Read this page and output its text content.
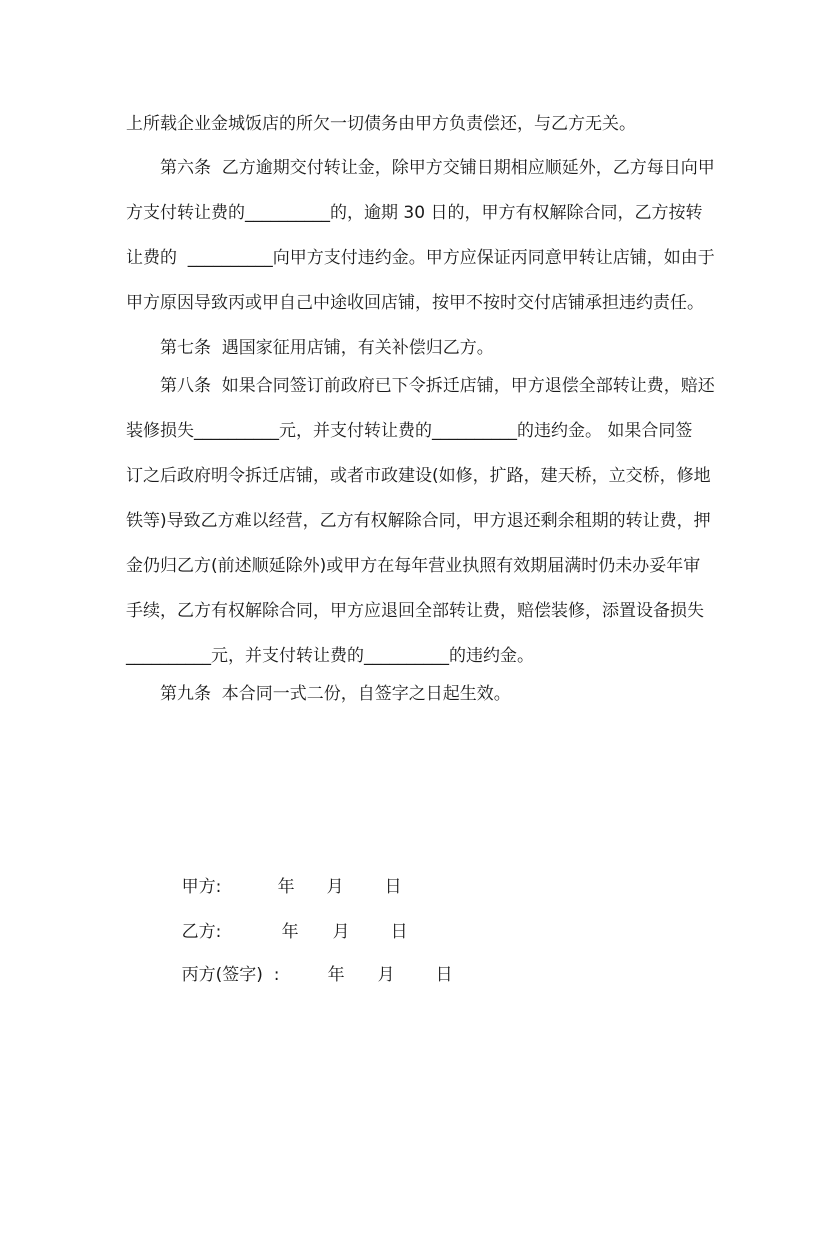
上所载企业金城饭店的所欠一切债务由甲方负责偿还，与乙方无关。
第六条  乙方逾期交付转让金，除甲方交铺日期相应顺延外，乙方每日向甲
方支付转让费的__________的，逾期 30 日的，甲方有权解除合同，乙方按转
让费的  __________向甲方支付违约金。甲方应保证丙同意甲转让店铺，如由于
甲方原因导致丙或甲自己中途收回店铺，按甲不按时交付店铺承担违约责任。
第七条  遇国家征用店铺，有关补偿归乙方。
第八条  如果合同签订前政府已下令拆迁店铺，甲方退偿全部转让费，赔还
装修损失__________元，并支付转让费的__________的违约金。 如果合同签
订之后政府明令拆迁店铺，或者市政建设(如修，扩路，建天桥，立交桥，修地
铁等)导致乙方难以经营，乙方有权解除合同，甲方退还剩余租期的转让费，押
金仍归乙方(前述顺延除外)或甲方在每年营业执照有效期届满时仍未办妥年审
手续，乙方有权解除合同，甲方应退回全部转让费，赔偿装修，添置设备损失
__________元，并支付转让费的__________的违约金。
第九条  本合同一式二份，自签字之日起生效。

甲方:	年 月 日

乙方:	年 月 日

丙方(签字)  :	年 月 日
